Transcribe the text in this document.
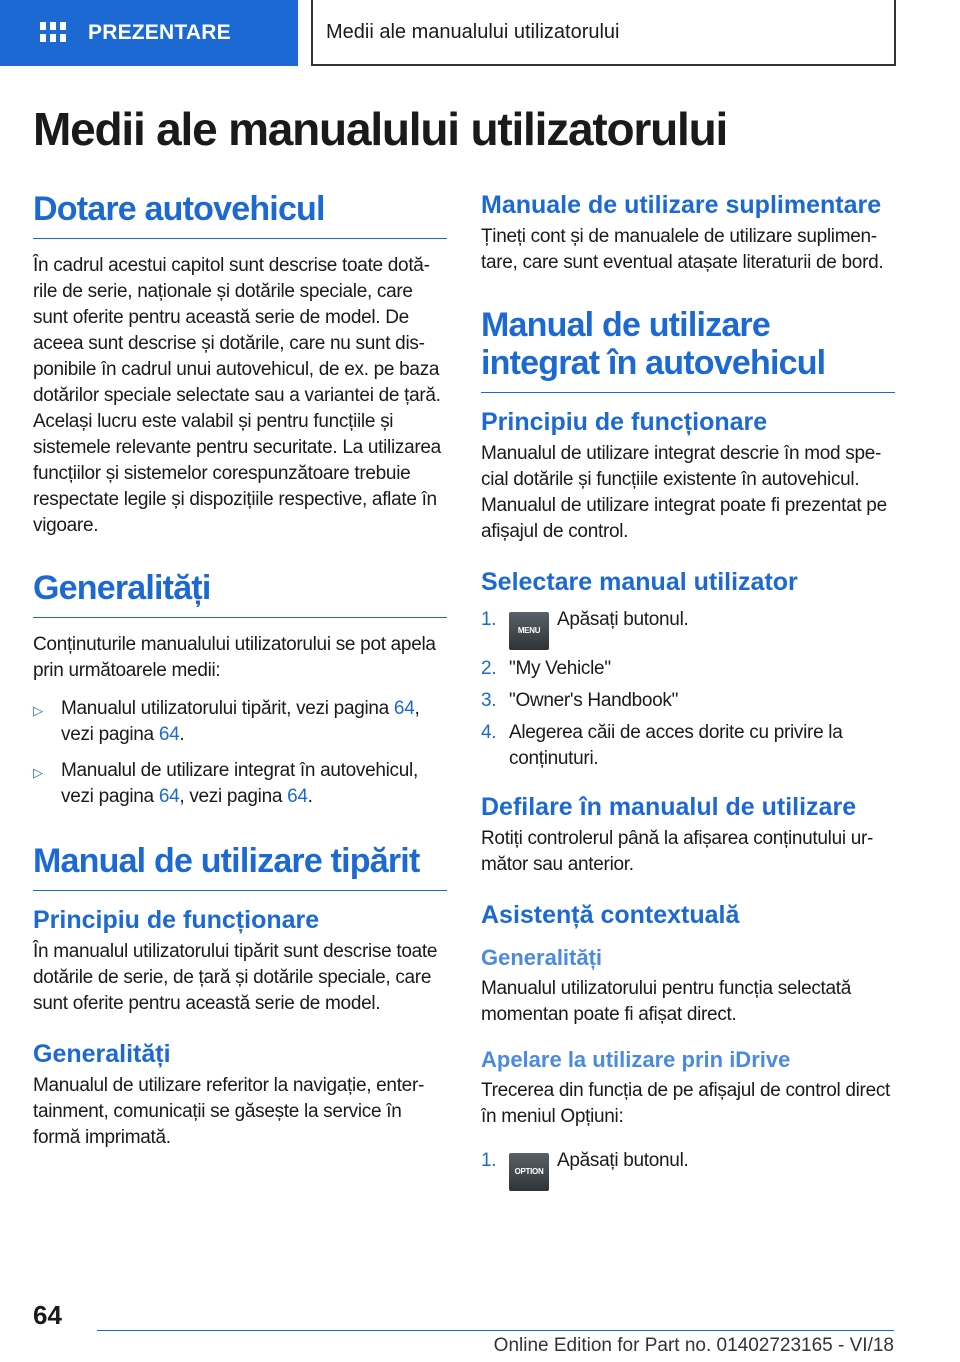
PREZENTARE	Medii ale manualului utilizatorului
Medii ale manualului utilizatorului
Dotare autovehicul
În cadrul acestui capitol sunt descrise toate dotările de serie, naționale și dotările speciale, care sunt oferite pentru această serie de model. De aceea sunt descrise și dotările, care nu sunt disponibile în cadrul unui autovehicul, de ex. pe baza dotărilor speciale selectate sau a variantei de țară. Același lucru este valabil și pentru funcțiile și sistemele relevante pentru securitate. La utilizarea funcțiilor și sistemelor corespunzătoare trebuie respectate legile și dispozițiile respective, aflate în vigoare.
Generalități
Conținuturile manualului utilizatorului se pot apela prin următoarele medii:
▷ Manualul utilizatorului tipărit, vezi pagina 64, vezi pagina 64.
▷ Manualul de utilizare integrat în autovehicul, vezi pagina 64, vezi pagina 64.
Manual de utilizare tipărit
Principiu de funcționare
În manualul utilizatorului tipărit sunt descrise toate dotările de serie, de țară și dotările speciale, care sunt oferite pentru această serie de model.
Generalități
Manualul de utilizare referitor la navigație, entertainment, comunicații se găsește la service în formă imprimată.
Manuale de utilizare suplimentare
Țineți cont și de manualele de utilizare suplimentare, care sunt eventual atașate literaturii de bord.
Manual de utilizare integrat în autovehicul
Principiu de funcționare
Manualul de utilizare integrat descrie în mod special dotările și funcțiile existente în autovehicul. Manualul de utilizare integrat poate fi prezentat pe afișajul de control.
Selectare manual utilizator
1.
MENUApăsați butonul.
2. "My Vehicle"
3. "Owner's Handbook"
4. Alegerea căii de acces dorite cu privire la conținuturi.
Defilare în manualul de utilizare
Rotiți controlerul până la afișarea conținutului următor sau anterior.
Asistență contextuală
Generalități
Manualul utilizatorului pentru funcția selectată momentan poate fi afișat direct.
Apelare la utilizare prin iDrive
Trecerea din funcția de pe afișajul de control direct în meniul Opțiuni:
1.
OPTIONApăsați butonul.
64
Online Edition for Part no. 01402723165 - VI/18
